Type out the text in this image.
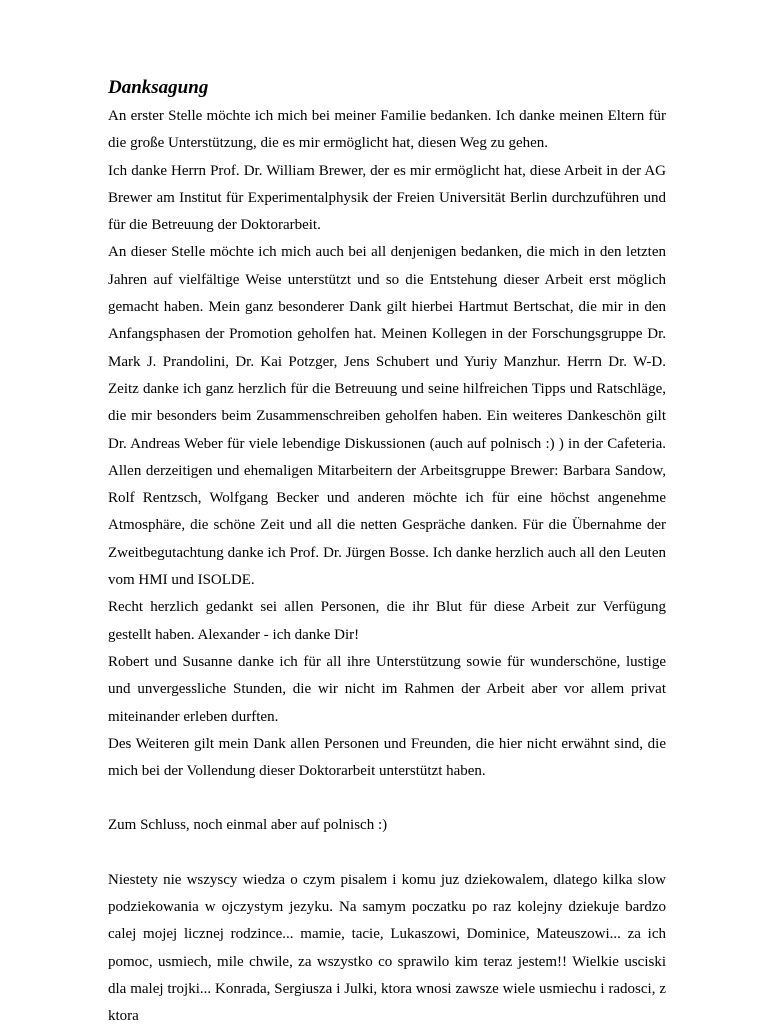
Danksagung

An erster Stelle möchte ich mich bei meiner Familie bedanken. Ich danke meinen Eltern für die große Unterstützung, die es mir ermöglicht hat, diesen Weg zu gehen.

Ich danke Herrn Prof. Dr. William Brewer, der es mir ermöglicht hat, diese Arbeit in der AG Brewer am Institut für Experimentalphysik der Freien Universität Berlin durchzuführen und für die Betreuung der Doktorarbeit.

An dieser Stelle möchte ich mich auch bei all denjenigen bedanken, die mich in den letzten Jahren auf vielfältige Weise unterstützt und so die Entstehung dieser Arbeit erst möglich gemacht haben. Mein ganz besonderer Dank gilt hierbei Hartmut Bertschat, die mir in den Anfangsphasen der Promotion geholfen hat. Meinen Kollegen in der Forschungsgruppe Dr. Mark J. Prandolini, Dr. Kai Potzger, Jens Schubert und Yuriy Manzhur. Herrn Dr. W-D. Zeitz danke ich ganz herzlich für die Betreuung und seine hilfreichen Tipps und Ratschläge, die mir besonders beim Zusammenschreiben geholfen haben. Ein weiteres Dankeschön gilt Dr. Andreas Weber für viele lebendige Diskussionen (auch auf polnisch :) ) in der Cafeteria. Allen derzeitigen und ehemaligen Mitarbeitern der Arbeitsgruppe Brewer: Barbara Sandow, Rolf Rentzsch, Wolfgang Becker und anderen möchte ich für eine höchst angenehme Atmosphäre, die schöne Zeit und all die netten Gespräche danken. Für die Übernahme der Zweitbegutachtung danke ich Prof. Dr. Jürgen Bosse. Ich danke herzlich auch all den Leuten vom HMI und ISOLDE.

Recht herzlich gedankt sei allen Personen, die ihr Blut für diese Arbeit zur Verfügung gestellt haben. Alexander - ich danke Dir!

Robert und Susanne danke ich für all ihre Unterstützung sowie für wunderschöne, lustige und unvergessliche Stunden, die wir nicht im Rahmen der Arbeit aber vor allem privat miteinander erleben durften.

Des Weiteren gilt mein Dank allen Personen und Freunden, die hier nicht erwähnt sind, die mich bei der Vollendung dieser Doktorarbeit unterstützt haben.

Zum Schluss, noch einmal aber auf polnisch :)

Niestety nie wszyscy wiedza o czym pisalem i komu juz dziekowalem, dlatego kilka slow podziekowania w ojczystym jezyku. Na samym poczatku po raz kolejny dziekuje bardzo calej mojej licznej rodzince... mamie, tacie, Lukaszowi, Dominice, Mateuszowi... za ich pomoc, usmiech, mile chwile, za wszystko co sprawilo kim teraz jestem!! Wielkie usciski dla malej trojki... Konrada, Sergiusza i Julki, ktora wnosi zawsze wiele usmiechu i radosci, z ktora
